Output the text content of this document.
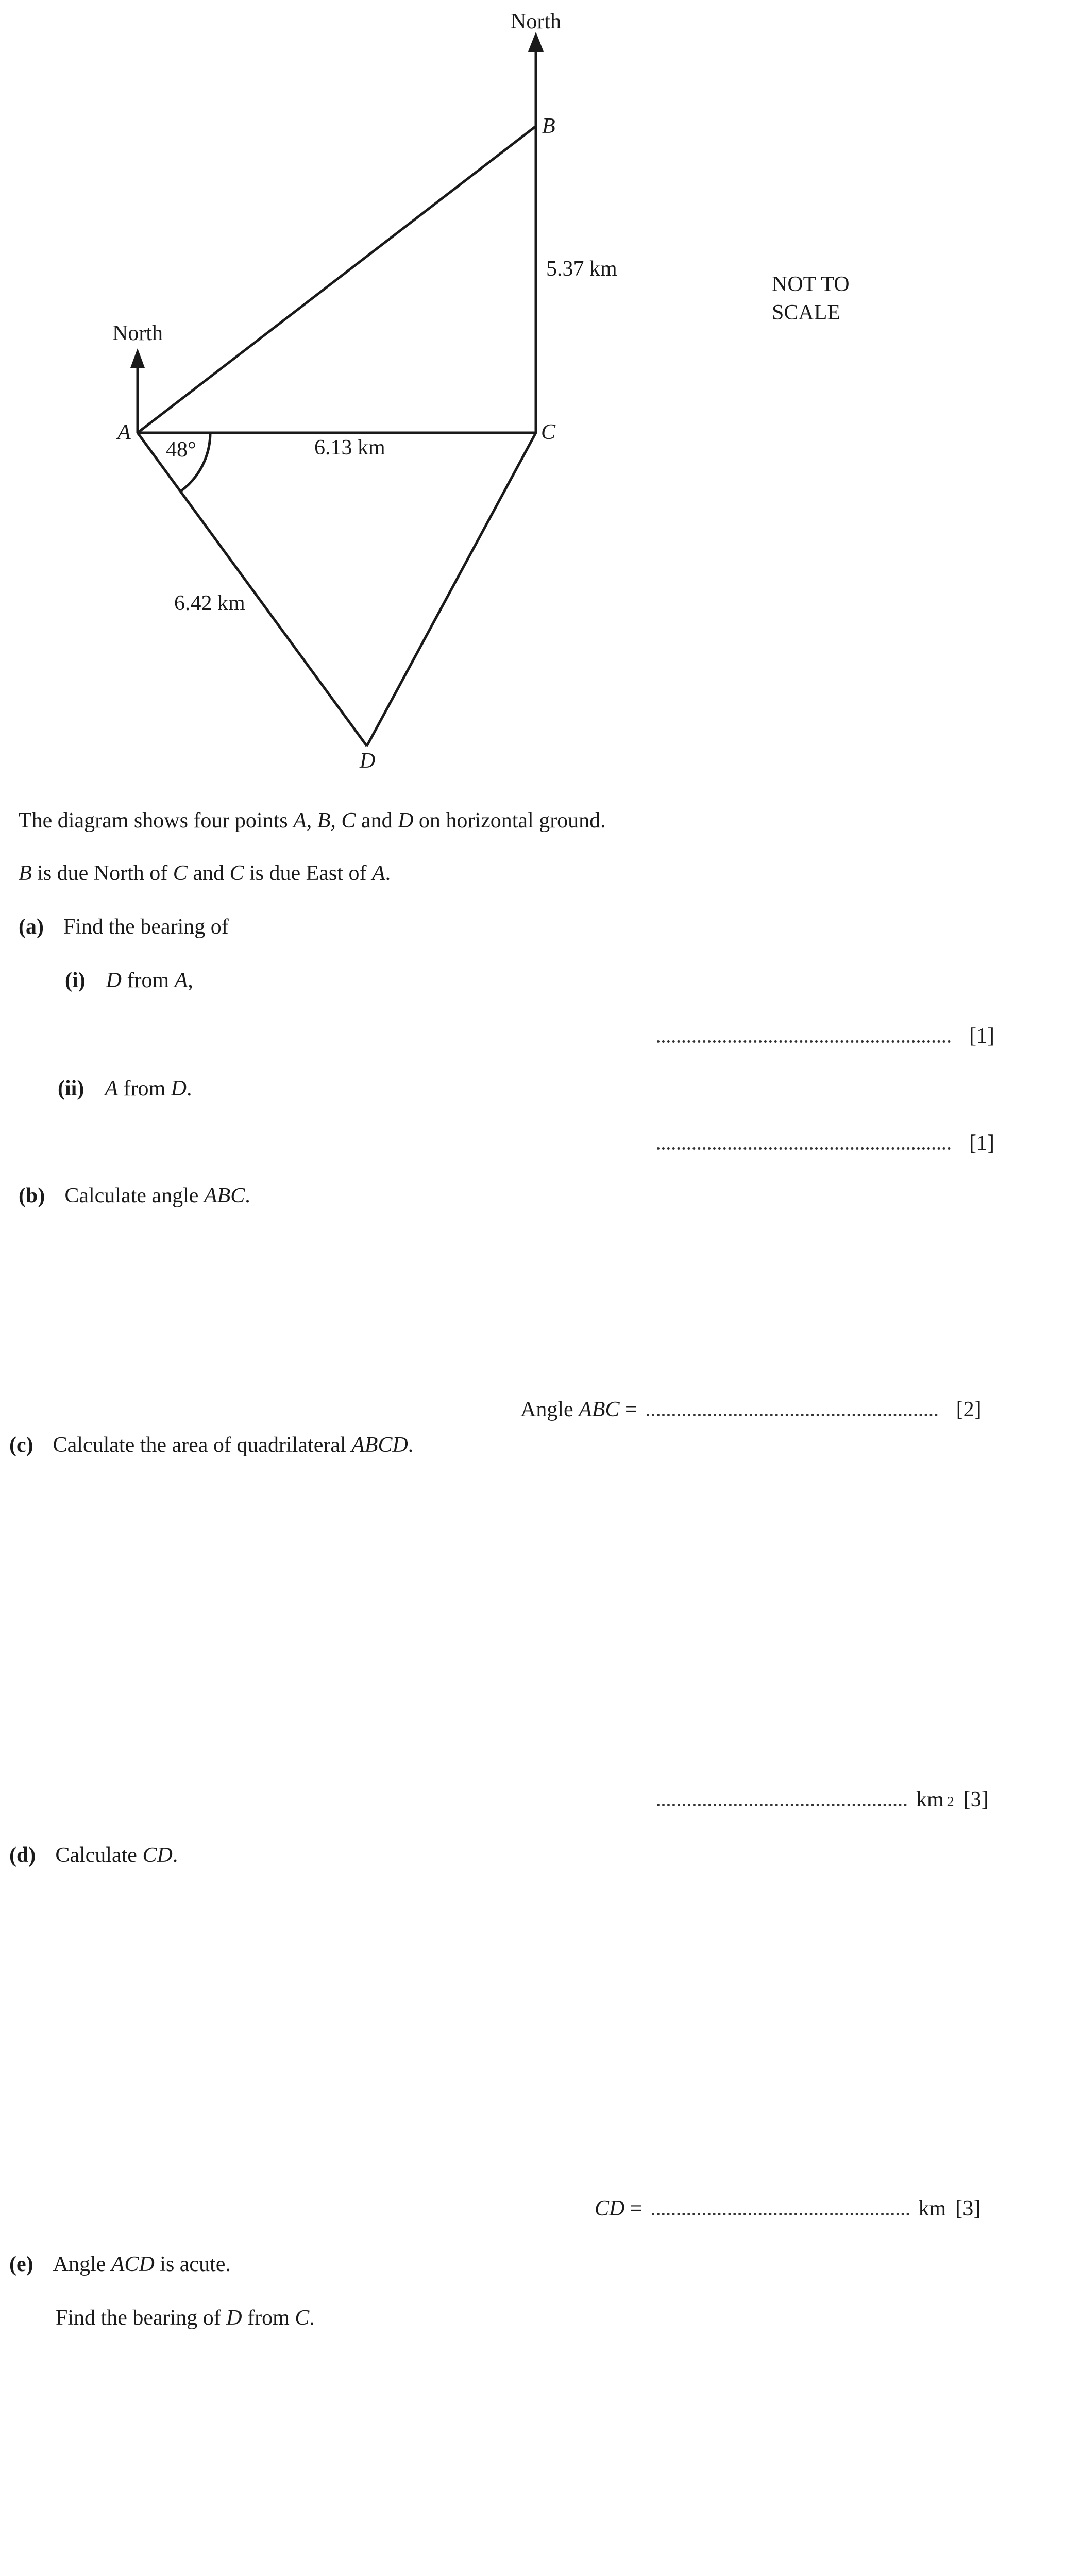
North
North
B
A	C
D
5.37 km
6.13 km
6.42 km
48°
NOT TO
SCALE
The diagram shows four points A, B, C and D on horizontal ground.
B is due North of C and C is due East of A.
(a) Find the bearing of
(i) D from A,
[1]
(ii) A from D.
[1]
(b) Calculate angle ABC.
Angle ABC =	[2]
(c) Calculate the area of quadrilateral ABCD.
km 2 [3]
(d) Calculate CD.
CD =	km [3]
(e) Angle ACD is acute.
Find the bearing of D from C.
